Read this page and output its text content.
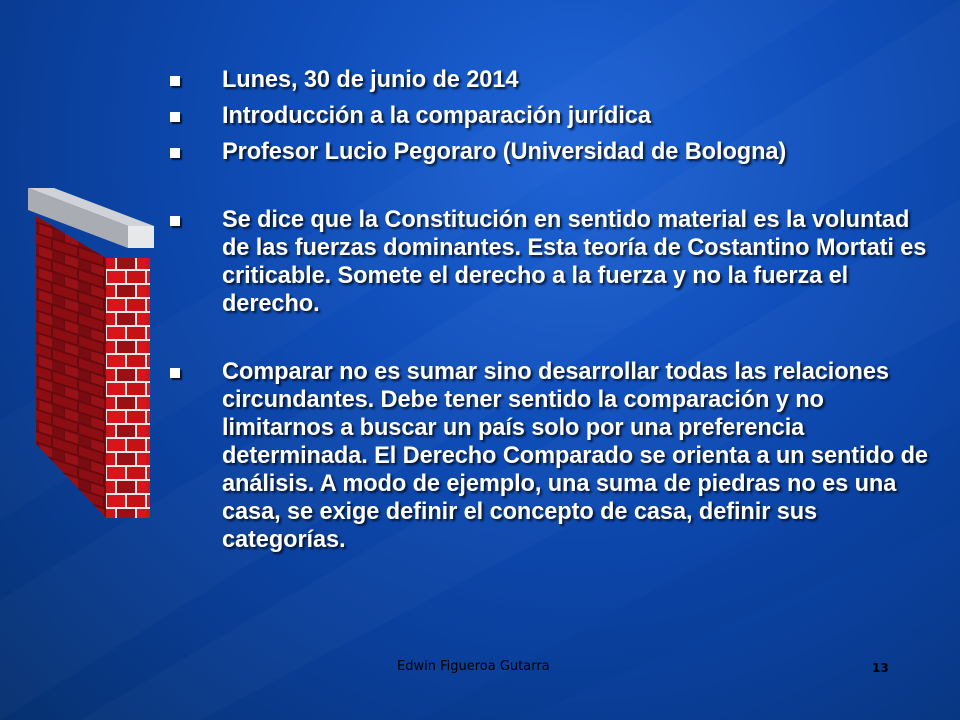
Lunes, 30 de junio de 2014
Introducción a la comparación jurídica
Profesor Lucio Pegoraro (Universidad de Bologna)
Se dice que la Constitución en sentido material es la voluntad de las fuerzas dominantes. Esta teoría de Costantino Mortati es criticable. Somete el derecho a la fuerza y no la fuerza el derecho.
Comparar no es sumar sino desarrollar todas las relaciones circundantes. Debe tener sentido la comparación y no limitarnos a buscar un país solo por una preferencia determinada. El Derecho Comparado se orienta a un sentido de análisis. A modo de ejemplo, una suma de piedras no es una casa, se exige definir el concepto de casa, definir sus categorías.
Edwin Figueroa Gutarra	13
